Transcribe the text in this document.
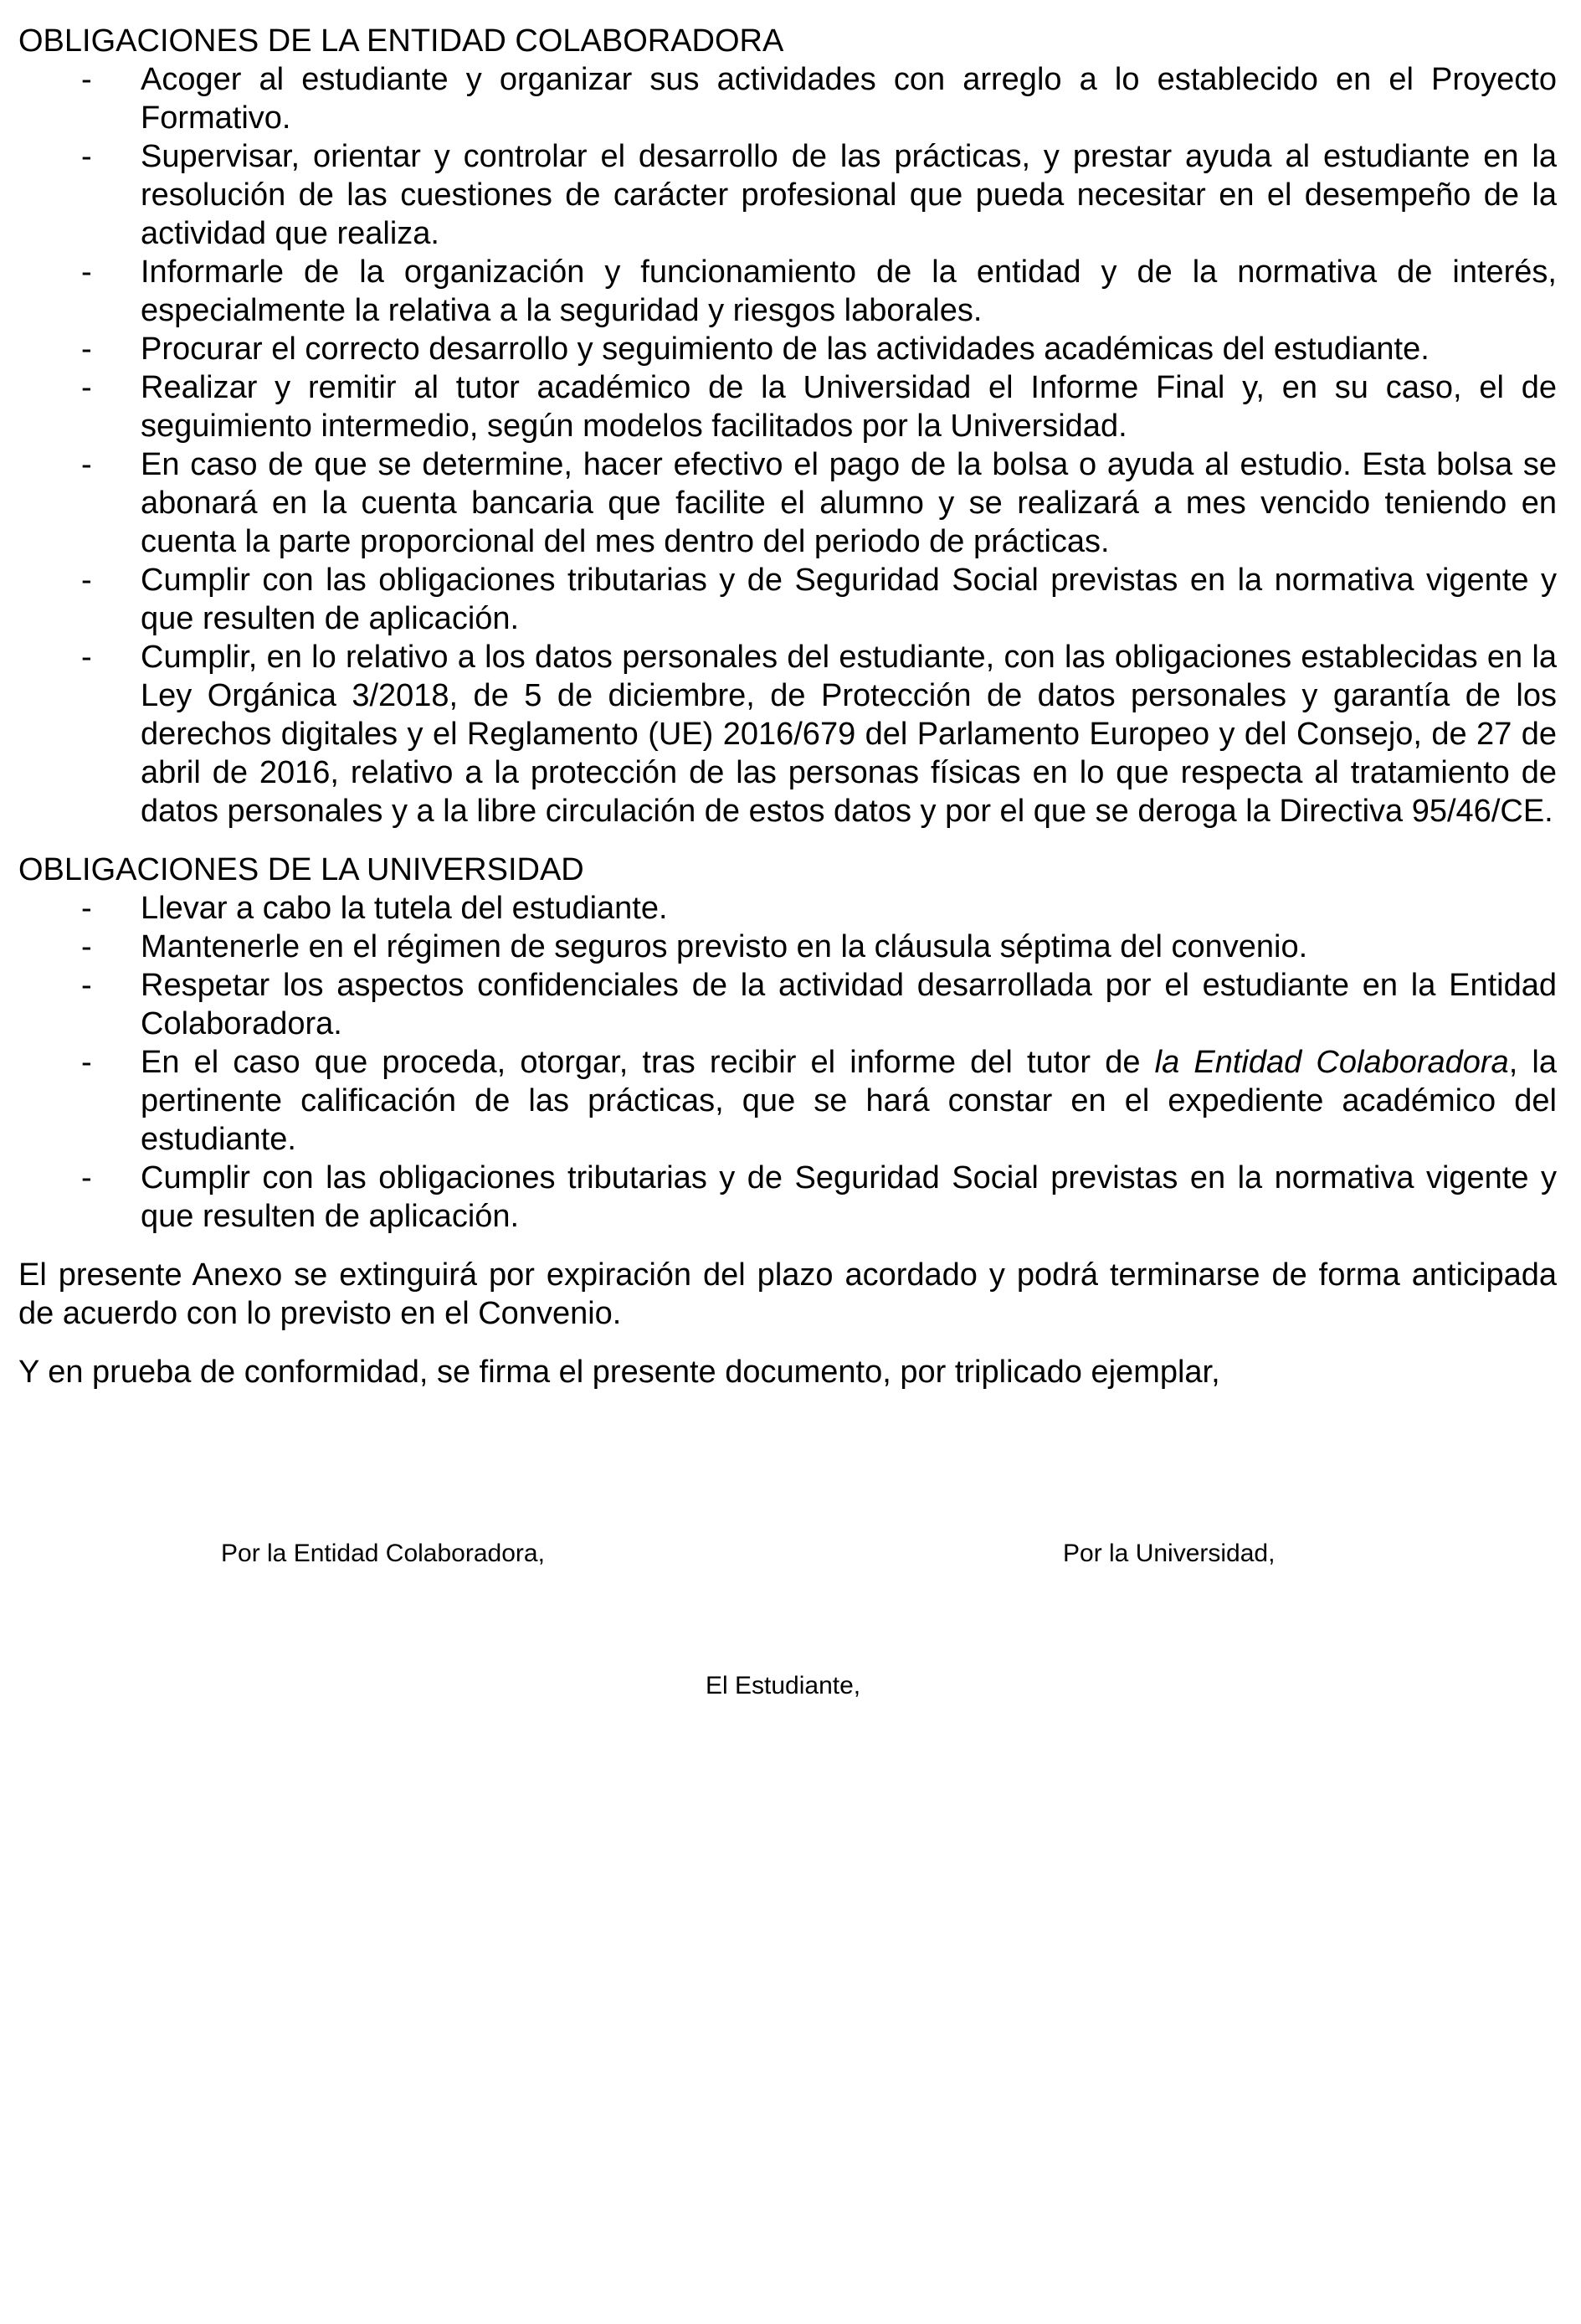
OBLIGACIONES DE LA ENTIDAD COLABORADORA
- Acoger al estudiante y organizar sus actividades con arreglo a lo establecido en el Proyecto Formativo.
- Supervisar, orientar y controlar el desarrollo de las prácticas, y prestar ayuda al estudiante en la resolución de las cuestiones de carácter profesional que pueda necesitar en el desempeño de la actividad que realiza.
- Informarle de la organización y funcionamiento de la entidad y de la normativa de interés, especialmente la relativa a la seguridad y riesgos laborales.
- Procurar el correcto desarrollo y seguimiento de las actividades académicas del estudiante.
- Realizar y remitir al tutor académico de la Universidad el Informe Final y, en su caso, el de seguimiento intermedio, según modelos facilitados por la Universidad.
- En caso de que se determine, hacer efectivo el pago de la bolsa o ayuda al estudio. Esta bolsa se abonará en la cuenta bancaria que facilite el alumno y se realizará a mes vencido teniendo en cuenta la parte proporcional del mes dentro del periodo de prácticas.
- Cumplir con las obligaciones tributarias y de Seguridad Social previstas en la normativa vigente y que resulten de aplicación.
- Cumplir, en lo relativo a los datos personales del estudiante, con las obligaciones establecidas en la Ley Orgánica 3/2018, de 5 de diciembre, de Protección de datos personales y garantía de los derechos digitales y el Reglamento (UE) 2016/679 del Parlamento Europeo y del Consejo, de 27 de abril de 2016, relativo a la protección de las personas físicas en lo que respecta al tratamiento de datos personales y a la libre circulación de estos datos y por el que se deroga la Directiva 95/46/CE.
OBLIGACIONES DE LA UNIVERSIDAD
- Llevar a cabo la tutela del estudiante.
- Mantenerle en el régimen de seguros previsto en la cláusula séptima del convenio.
- Respetar los aspectos confidenciales de la actividad desarrollada por el estudiante en la Entidad Colaboradora.
- En el caso que proceda, otorgar, tras recibir el informe del tutor de la Entidad Colaboradora, la pertinente calificación de las prácticas, que se hará constar en el expediente académico del estudiante.
- Cumplir con las obligaciones tributarias y de Seguridad Social previstas en la normativa vigente y que resulten de aplicación.

El presente Anexo se extinguirá por expiración del plazo acordado y podrá terminarse de forma anticipada de acuerdo con lo previsto en el Convenio.

Y en prueba de conformidad, se firma el presente documento, por triplicado ejemplar,

Por la Entidad Colaboradora,	Por la Universidad,
El Estudiante,
